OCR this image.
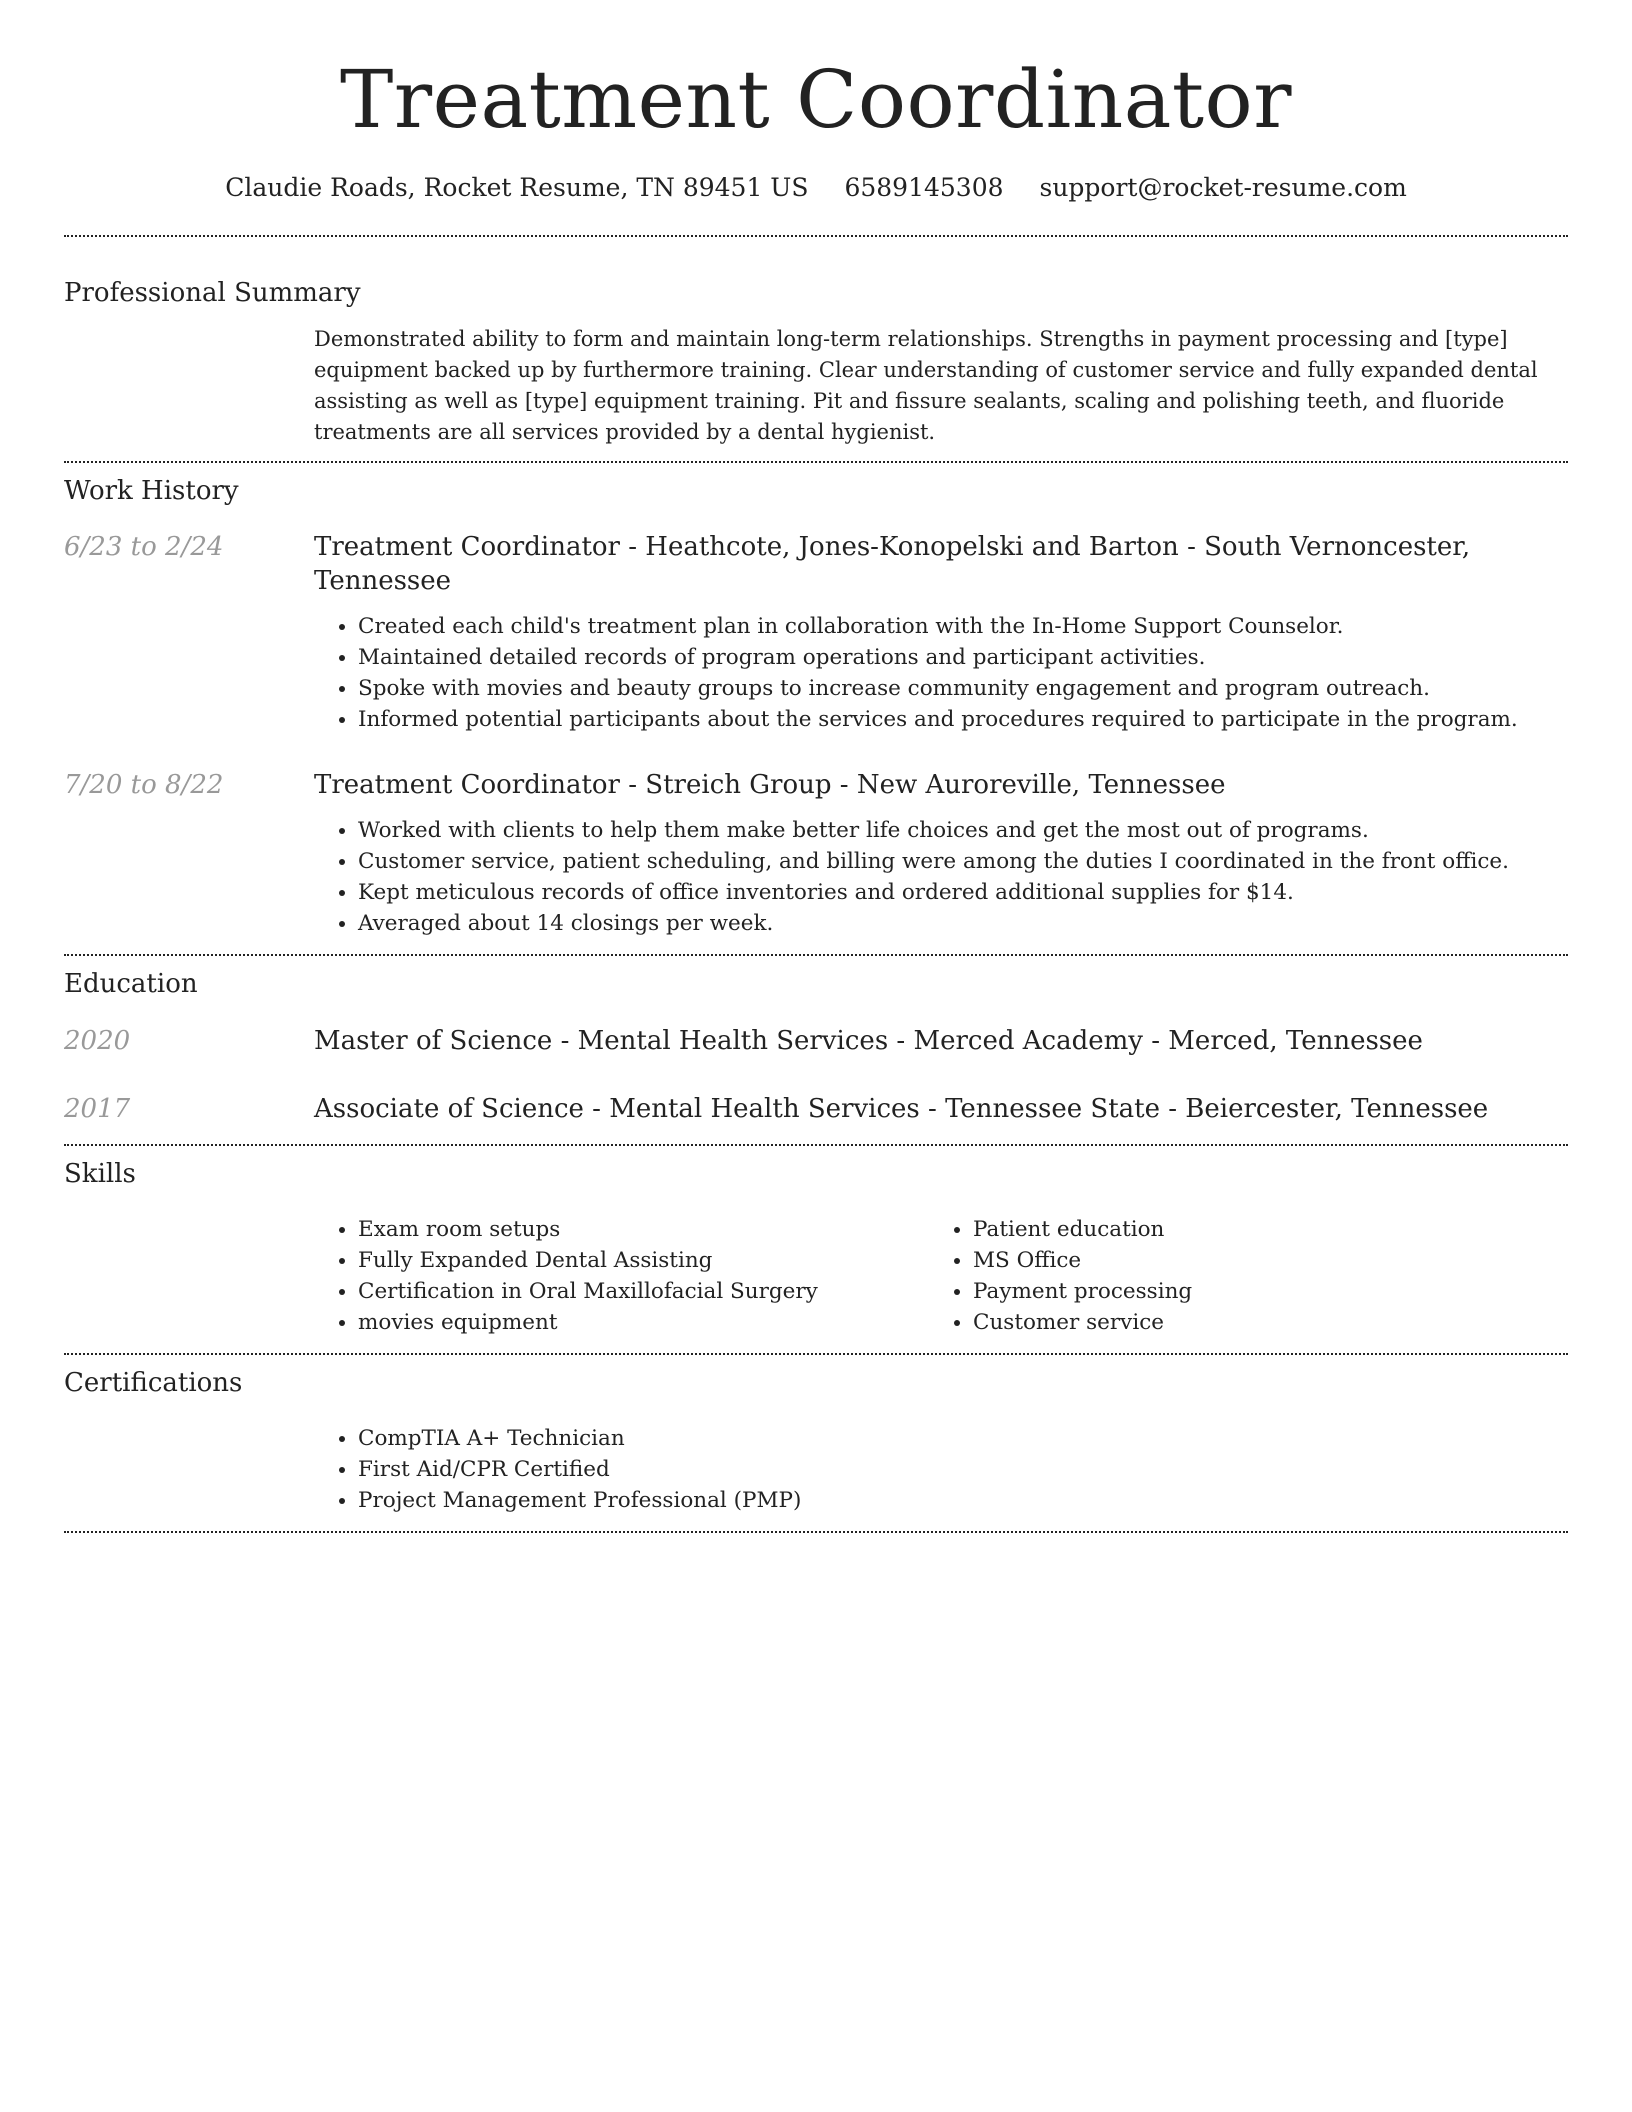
Treatment Coordinator
Claudie Roads, Rocket Resume, TN 89451 US 6589145308 support@rocket-resume.com
Professional Summary

Demonstrated ability to form and maintain long-term relationships. Strengths in payment processing and [type] equipment backed up by furthermore training. Clear understanding of customer service and fully expanded dental assisting as well as [type] equipment training. Pit and fissure sealants, scaling and polishing teeth, and fluoride treatments are all services provided by a dental hygienist.

Work History
6/23 to 2/24	Treatment Coordinator - Heathcote, Jones-Konopelski and Barton - South Vernoncester, Tennessee
• Created each child's treatment plan in collaboration with the In-Home Support Counselor.
• Maintained detailed records of program operations and participant activities.
• Spoke with movies and beauty groups to increase community engagement and program outreach.
• Informed potential participants about the services and procedures required to participate in the program.
7/20 to 8/22	Treatment Coordinator - Streich Group - New Auroreville, Tennessee
• Worked with clients to help them make better life choices and get the most out of programs.
• Customer service, patient scheduling, and billing were among the duties I coordinated in the front office.
• Kept meticulous records of office inventories and ordered additional supplies for $14.
• Averaged about 14 closings per week.
Education
2020	Master of Science - Mental Health Services - Merced Academy - Merced, Tennessee
2017	Associate of Science - Mental Health Services - Tennessee State - Beiercester, Tennessee
Skills
• Exam room setups
• Fully Expanded Dental Assisting
• Certification in Oral Maxillofacial Surgery
• movies equipment
• Patient education
• MS Office
• Payment processing
• Customer service
Certifications
• CompTIA A+ Technician
• First Aid/CPR Certified
• Project Management Professional (PMP)
